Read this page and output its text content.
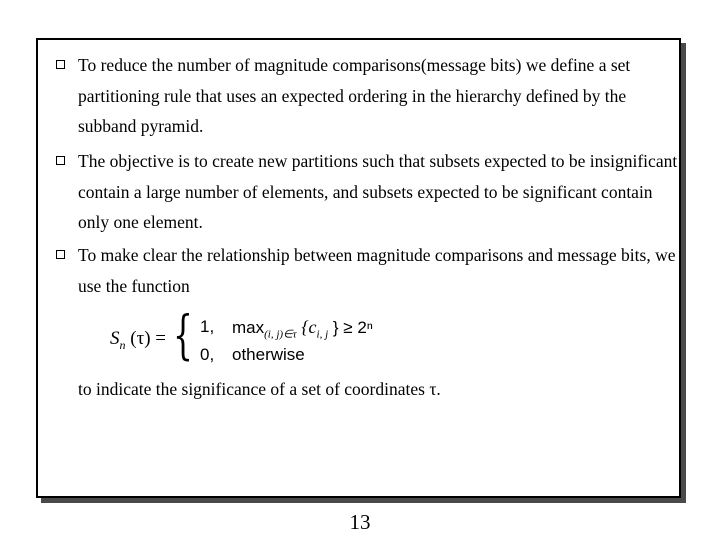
To reduce the number of magnitude comparisons(message bits) we define a set partitioning rule that uses an expected ordering in the hierarchy defined by the subband pyramid.

The objective is to create new partitions such that subsets expected to be insignificant contain a large number of elements, and subsets expected to be significant contain only one element.

To make clear the relationship between magnitude comparisons and message bits, we use the function

$S_n$ (τ) = { 1, $\max_{(i, j)\in\tau} \{c_{i, j}$ } ≥ 2ⁿ
0, otherwise

to indicate the significance of a set of coordinates τ.

13
